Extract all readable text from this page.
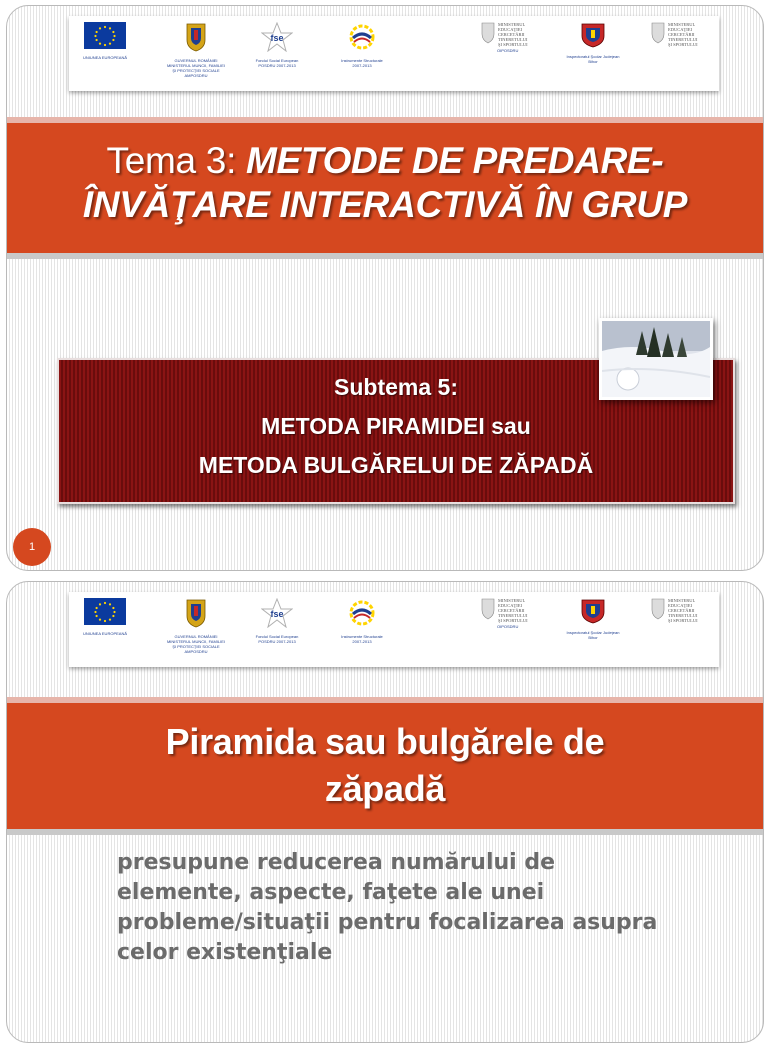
UNIUNEA EUROPEANĂ
GUVERNUL ROMÂNIEI
MINISTERUL MUNCII, FAMILIEI
ŞI PROTECŢIEI SOCIALE
AMPOSDRU
fse
Fondul Social European
POSDRU 2007-2013
Instrumente Structurale
2007-2013
MINISTERUL
EDUCAŢIEI
CERCETĂRII
TINERETULUI
ŞI SPORTULUI
OIPOSDRU
Inspectoratul Şcolar Judeţean
Bihor
MINISTERUL
EDUCAŢIEI
CERCETĂRII
TINERETULUI
ŞI SPORTULUI
Tema 3: METODE DE PREDARE-
ÎNVĂŢARE INTERACTIVĂ ÎN GRUP
Subtema 5:
METODA PIRAMIDEI sau
METODA BULGĂRELUI DE ZĂPADĂ
1
UNIUNEA EUROPEANĂ
GUVERNUL ROMÂNIEI
MINISTERUL MUNCII, FAMILIEI
ŞI PROTECŢIEI SOCIALE
AMPOSDRU
fse
Fondul Social European
POSDRU 2007-2013
Instrumente Structurale
2007-2013
MINISTERUL
EDUCAŢIEI
CERCETĂRII
TINERETULUI
ŞI SPORTULUI
OIPOSDRU
Inspectoratul Şcolar Judeţean
Bihor
MINISTERUL
EDUCAŢIEI
CERCETĂRII
TINERETULUI
ŞI SPORTULUI
Piramida sau bulgărele de
zăpadă
presupune reducerea numărului de elemente, aspecte, faţete ale unei probleme/situaţii pentru focalizarea asupra celor existenţiale
